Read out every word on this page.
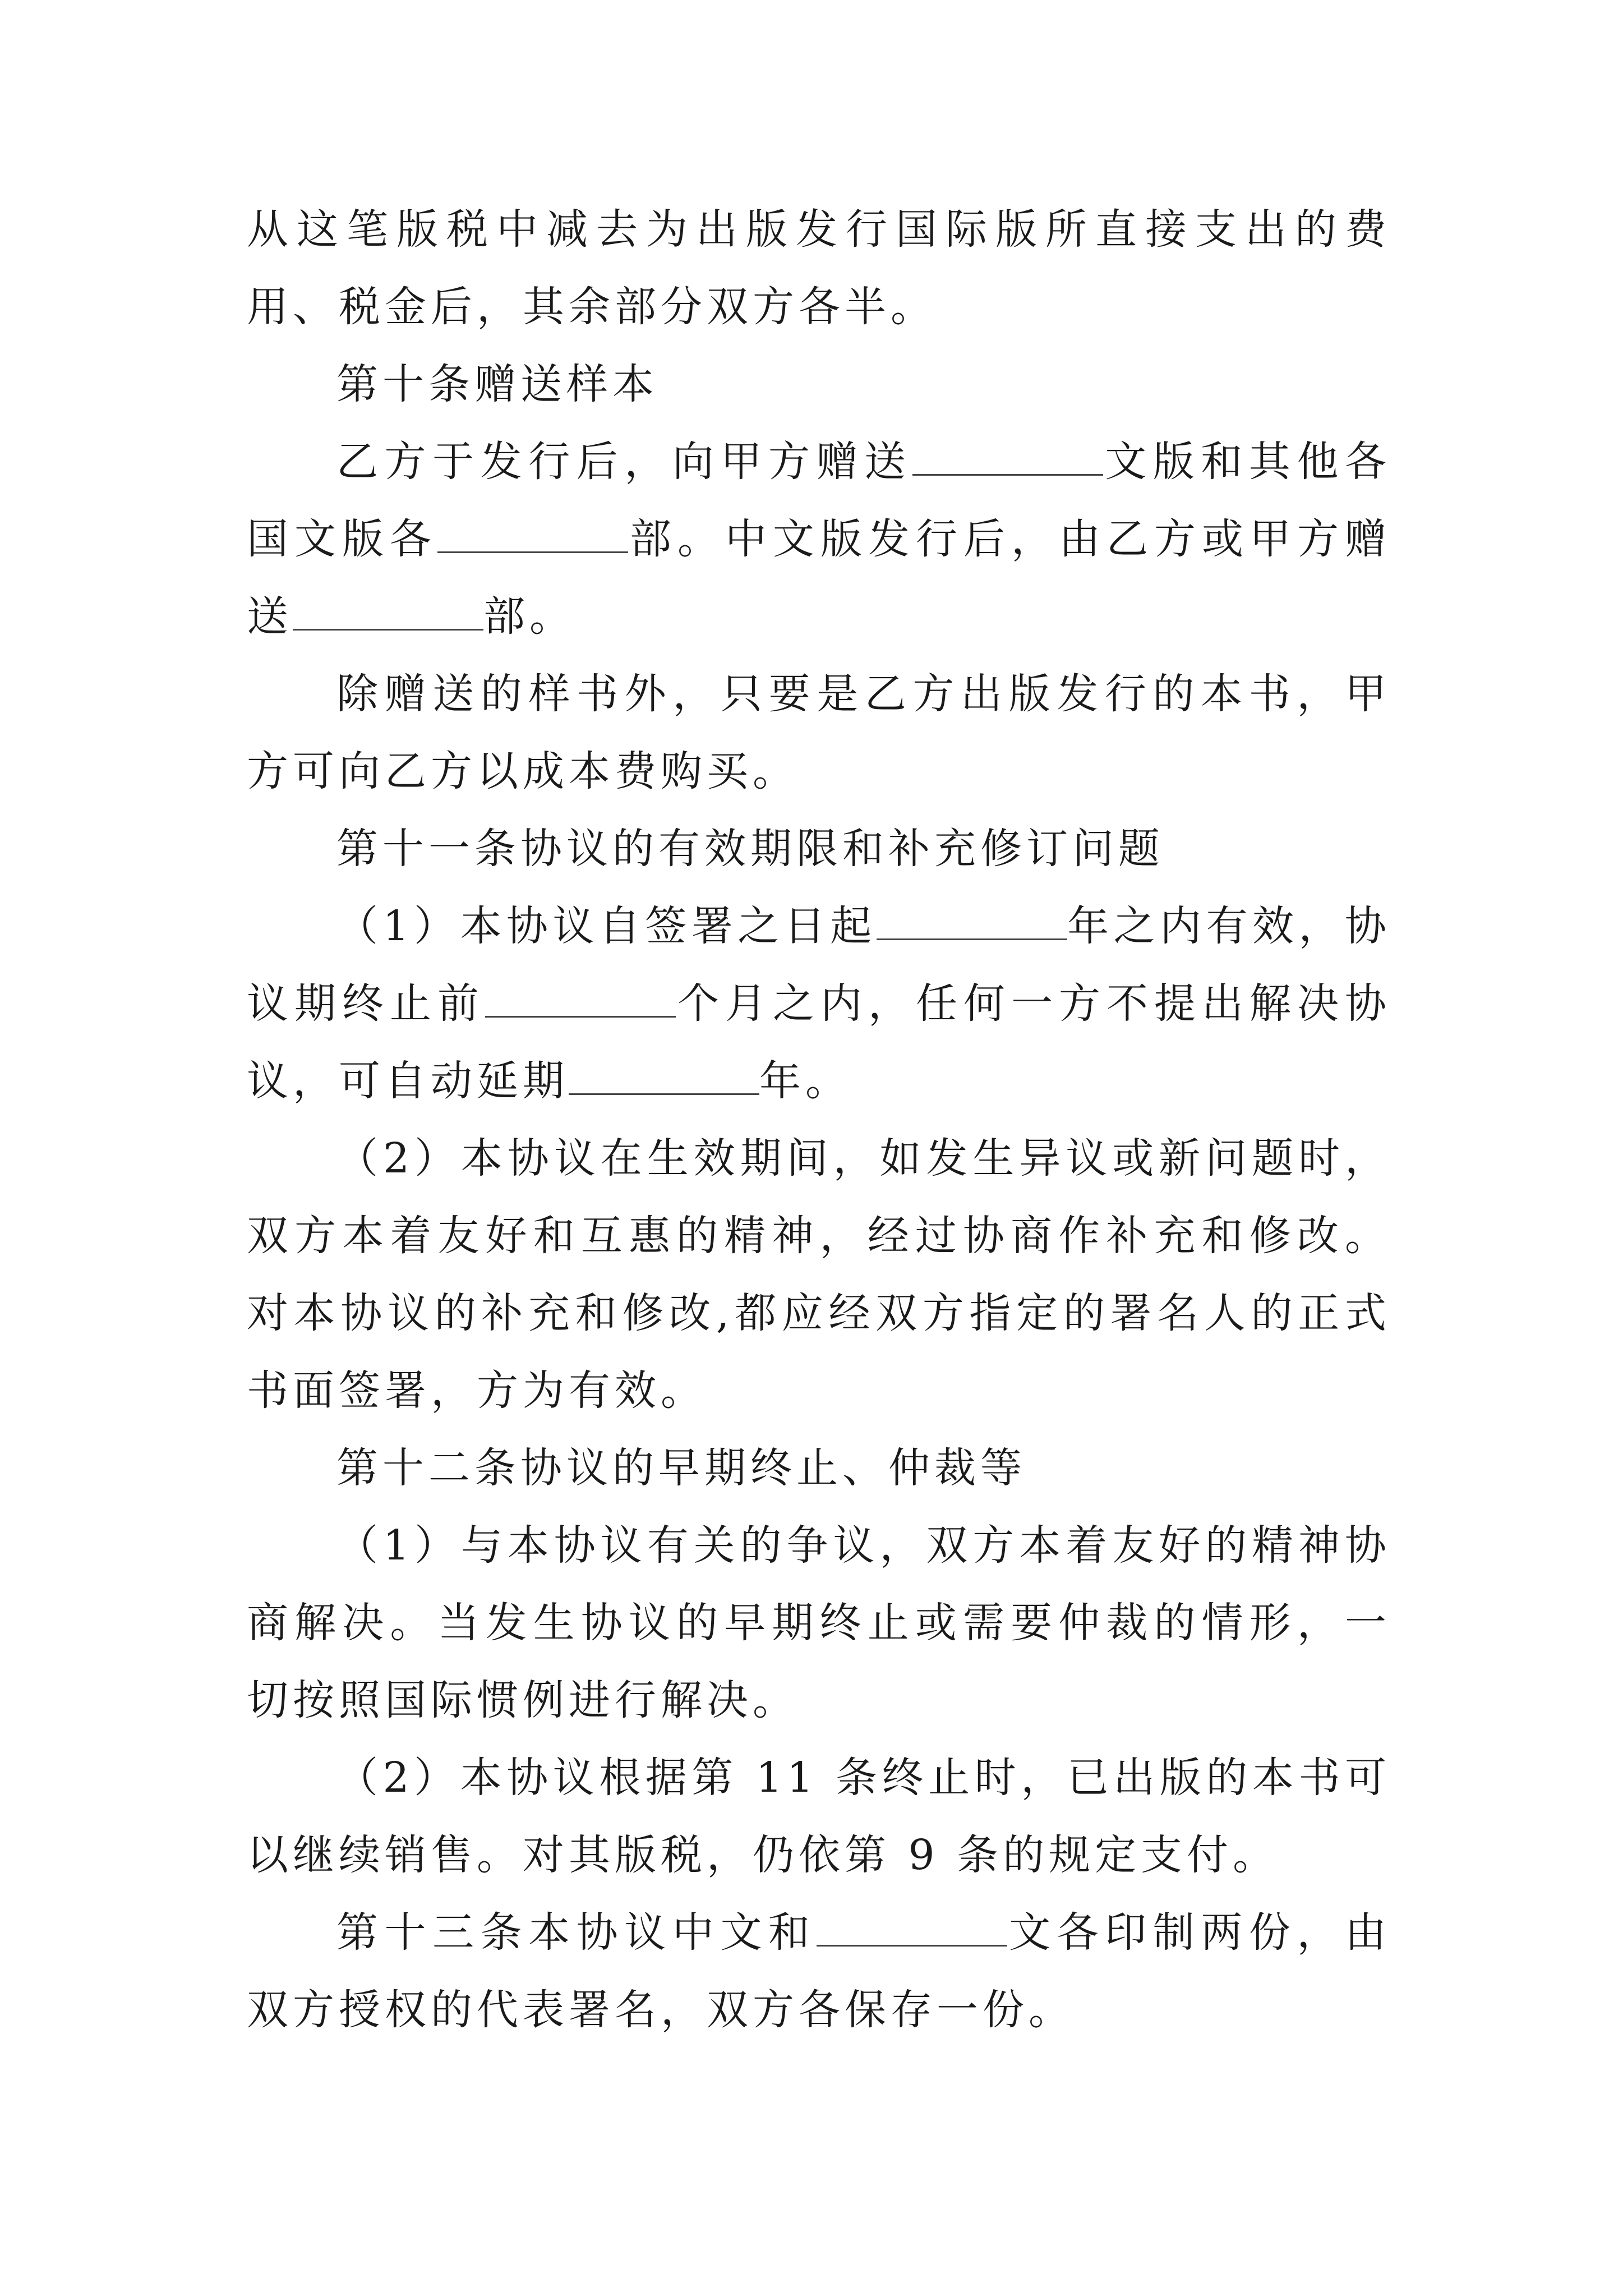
从这笔版税中减去为出版发行国际版所直接支出的费用、税金后，其余部分双方各半。

第十条赠送样本

乙方于发行后，向甲方赠送	文版和其他各国文版各	部。中文版发行后，由乙方或甲方赠送	部。

除赠送的样书外，只要是乙方出版发行的本书，甲方可向乙方以成本费购买。

第十一条协议的有效期限和补充修订问题

（1）本协议自签署之日起	年之内有效，协议期终止前	个月之内，任何一方不提出解决协议，可自动延期	年。

（2）本协议在生效期间，如发生异议或新问题时，双方本着友好和互惠的精神，经过协商作补充和修改。对本协议的补充和修改,都应经双方指定的署名人的正式书面签署，方为有效。

第十二条协议的早期终止、仲裁等

（1）与本协议有关的争议，双方本着友好的精神协商解决。当发生协议的早期终止或需要仲裁的情形，一切按照国际惯例进行解决。

（2）本协议根据第 11 条终止时，已出版的本书可以继续销售。对其版税，仍依第 9 条的规定支付。

第十三条本协议中文和	文各印制两份，由双方授权的代表署名，双方各保存一份。
